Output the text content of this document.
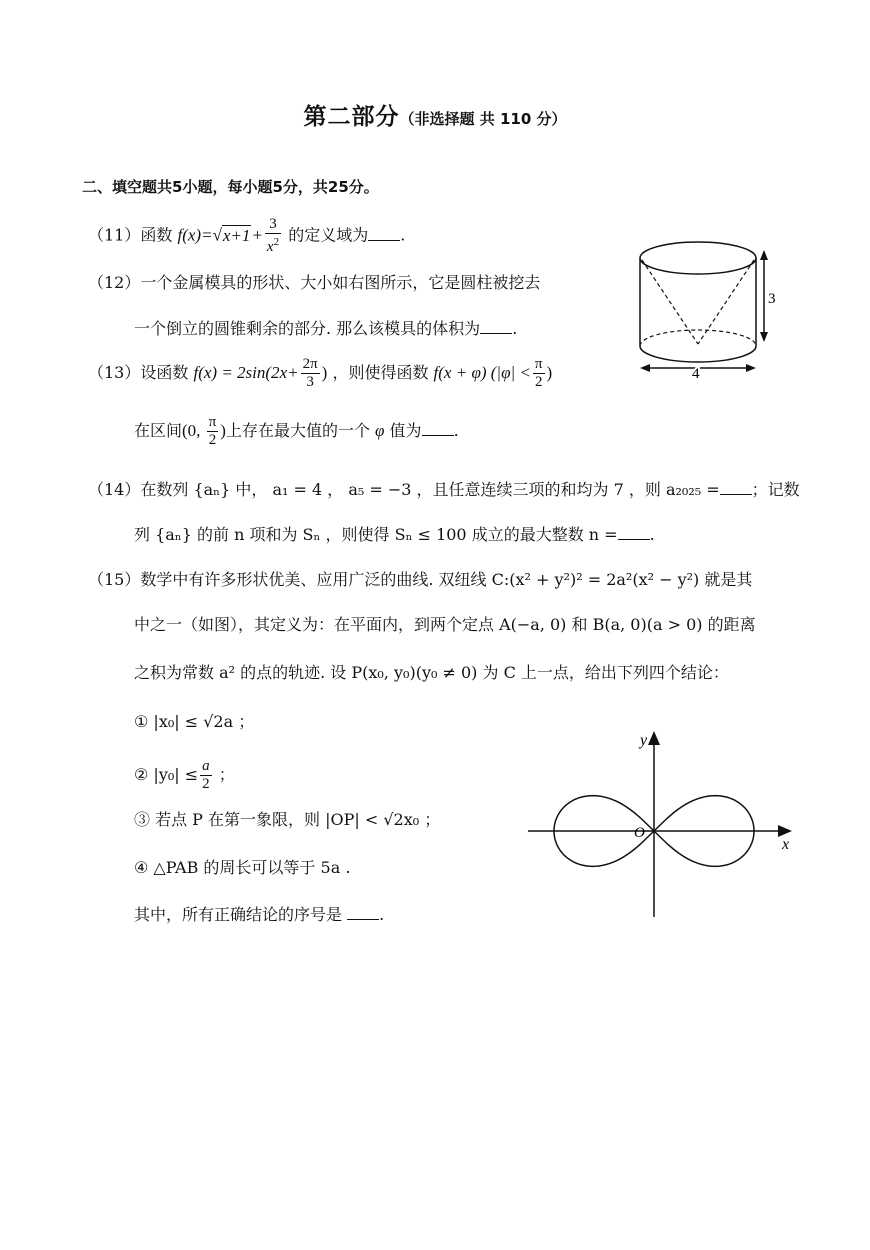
第二部分（非选择题 共 110 分）
二、填空题共5小题，每小题5分，共25分。
（11）函数 $f(x)=√x+1+ \frac{3}{x^2}$ 的定义域为 .
（12）一个金属模具的形状、大小如右图所示，它是圆柱被挖去
一个倒立的圆锥剩余的部分. 那么该模具的体积为 .
（13）设函数 $f(x) = 2\sin(2x+ \frac{2\pi}{3}$ ) ，则使得函数 f(x + φ) ($|\varphi| < \frac{\pi}{2}$ )
在区间(0, $\frac{\pi}{2}$ )上存在最大值的一个 φ 值为 .
（14）在数列 {aₙ} 中， a₁ = 4 ， a₅ = −3 ，且任意连续三项的和均为 7 ，则 a₂₀₂₅ = ；记数
列 {aₙ} 的前 n 项和为 Sₙ ，则使得 Sₙ ≤ 100 成立的最大整数 n = .
（15）数学中有许多形状优美、应用广泛的曲线. 双纽线 C:(x² + y²)² = 2a²(x² − y²) 就是其
中之一（如图），其定义为：在平面内，到两个定点 A(−a, 0) 和 B(a, 0)(a > 0) 的距离
之积为常数 a² 的点的轨迹. 设 P(x₀, y₀)(y₀ ≠ 0) 为 C 上一点，给出下列四个结论：
① |x₀| ≤ √2a ；
② $|y_0| \le \frac{a}{2}$ ；
③ 若点 P 在第一象限，则 |OP| < √2x₀ ；
④ △PAB 的周长可以等于 5a .
其中，所有正确结论的序号是 .
3
4
x
y
O
